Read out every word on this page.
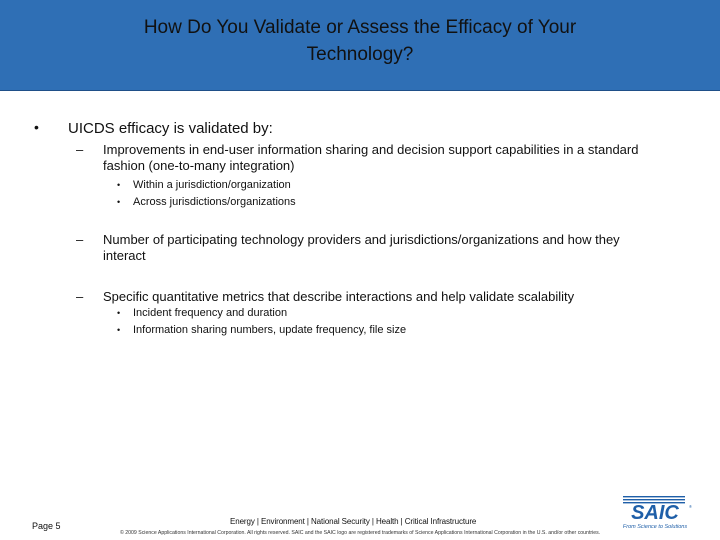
How Do You Validate or Assess the Efficacy of Your
Technology?
• UICDS efficacy is validated by:
– Improvements in end-user information sharing and decision support capabilities in a standard
fashion (one-to-many integration)
• Within a jurisdiction/organization
• Across jurisdictions/organizations
– Number of participating technology providers and jurisdictions/organizations and how they
interact
– Specific quantitative metrics that describe interactions and help validate scalability
• Incident frequency and duration
• Information sharing numbers, update frequency, file size
Page 5	Energy | Environment | National Security | Health | Critical Infrastructure
© 2009 Science Applications International Corporation. All rights reserved. SAIC and the SAIC logo are registered trademarks of Science Applications International Corporation in the U.S. and/or other countries.
SAIC	®
From Science to Solutions
